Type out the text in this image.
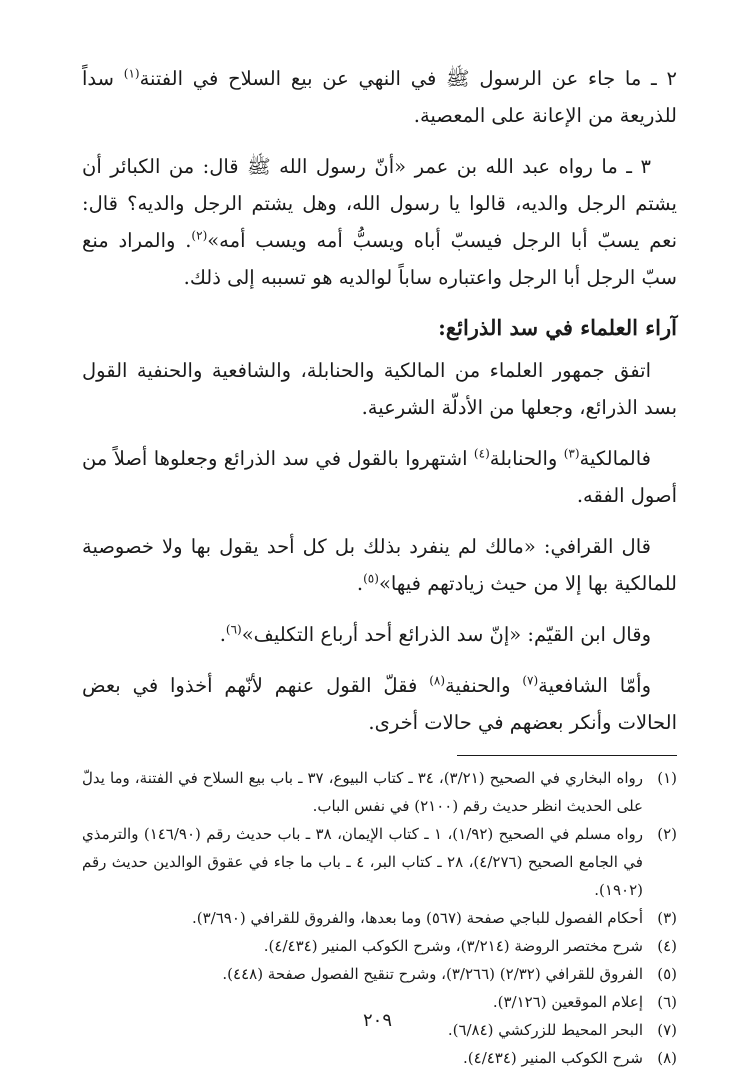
٢ ـ ما جاء عن الرسول ﷺ في النهي عن بيع السلاح في الفتنة$^{(١)}$ سداً للذريعة من الإعانة على المعصية.

٣ ـ ما رواه عبد الله بن عمر «أنّ رسول الله ﷺ قال: من الكبائر أن يشتم الرجل والديه، قالوا يا رسول الله، وهل يشتم الرجل والديه؟ قال: نعم يسبّ أبا الرجل فيسبّ أباه ويسبُّ أمه ويسب أمه»$^{(٢)}$. والمراد منع سبّ الرجل أبا الرجل واعتباره ساباً لوالديه هو تسببه إلى ذلك.

آراء العلماء في سد الذرائع:

اتفق جمهور العلماء من المالكية والحنابلة، والشافعية والحنفية القول بسد الذرائع، وجعلها من الأدلّة الشرعية.

فالمالكية$^{(٣)}$ والحنابلة$^{(٤)}$ اشتهروا بالقول في سد الذرائع وجعلوها أصلاً من أصول الفقه.

قال القرافي: «مالك لم ينفرد بذلك بل كل أحد يقول بها ولا خصوصية للمالكية بها إلا من حيث زيادتهم فيها»$^{(٥)}$.

وقال ابن القيّم: «إنّ سد الذرائع أحد أرباع التكليف»$^{(٦)}$.

وأمّا الشافعية$^{(٧)}$ والحنفية$^{(٨)}$ فقلّ القول عنهم لأنّهم أخذوا في بعض الحالات وأنكر بعضهم في حالات أخرى.

(١)
رواه البخاري في الصحيح (٣/٢١)، ٣٤ ـ كتاب البيوع، ٣٧ ـ باب بيع السلاح في الفتنة، وما يدلّ على الحديث انظر حديث رقم (٢١٠٠) في نفس الباب.
(٢)
رواه مسلم في الصحيح (١/٩٢)، ١ ـ كتاب الإيمان، ٣٨ ـ باب حديث رقم (١٤٦/٩٠) والترمذي في الجامع الصحيح (٤/٢٧٦)، ٢٨ ـ كتاب البر، ٤ ـ باب ما جاء في عقوق الوالدين حديث رقم (١٩٠٢).
(٣)
أحكام الفصول للباجي صفحة (٥٦٧) وما بعدها، والفروق للقرافي (٣/٦٩٠).
(٤)
شرح مختصر الروضة (٣/٢١٤)، وشرح الكوكب المنير (٤/٤٣٤).
(٥)
الفروق للقرافي (٢/٣٢) (٣/٢٦٦)، وشرح تنقيح الفصول صفحة (٤٤٨).
(٦)
إعلام الموقعين (٣/١٢٦).
(٧)
البحر المحيط للزركشي (٦/٨٤).
(٨)
شرح الكوكب المنير (٤/٤٣٤).
٢٠٩
